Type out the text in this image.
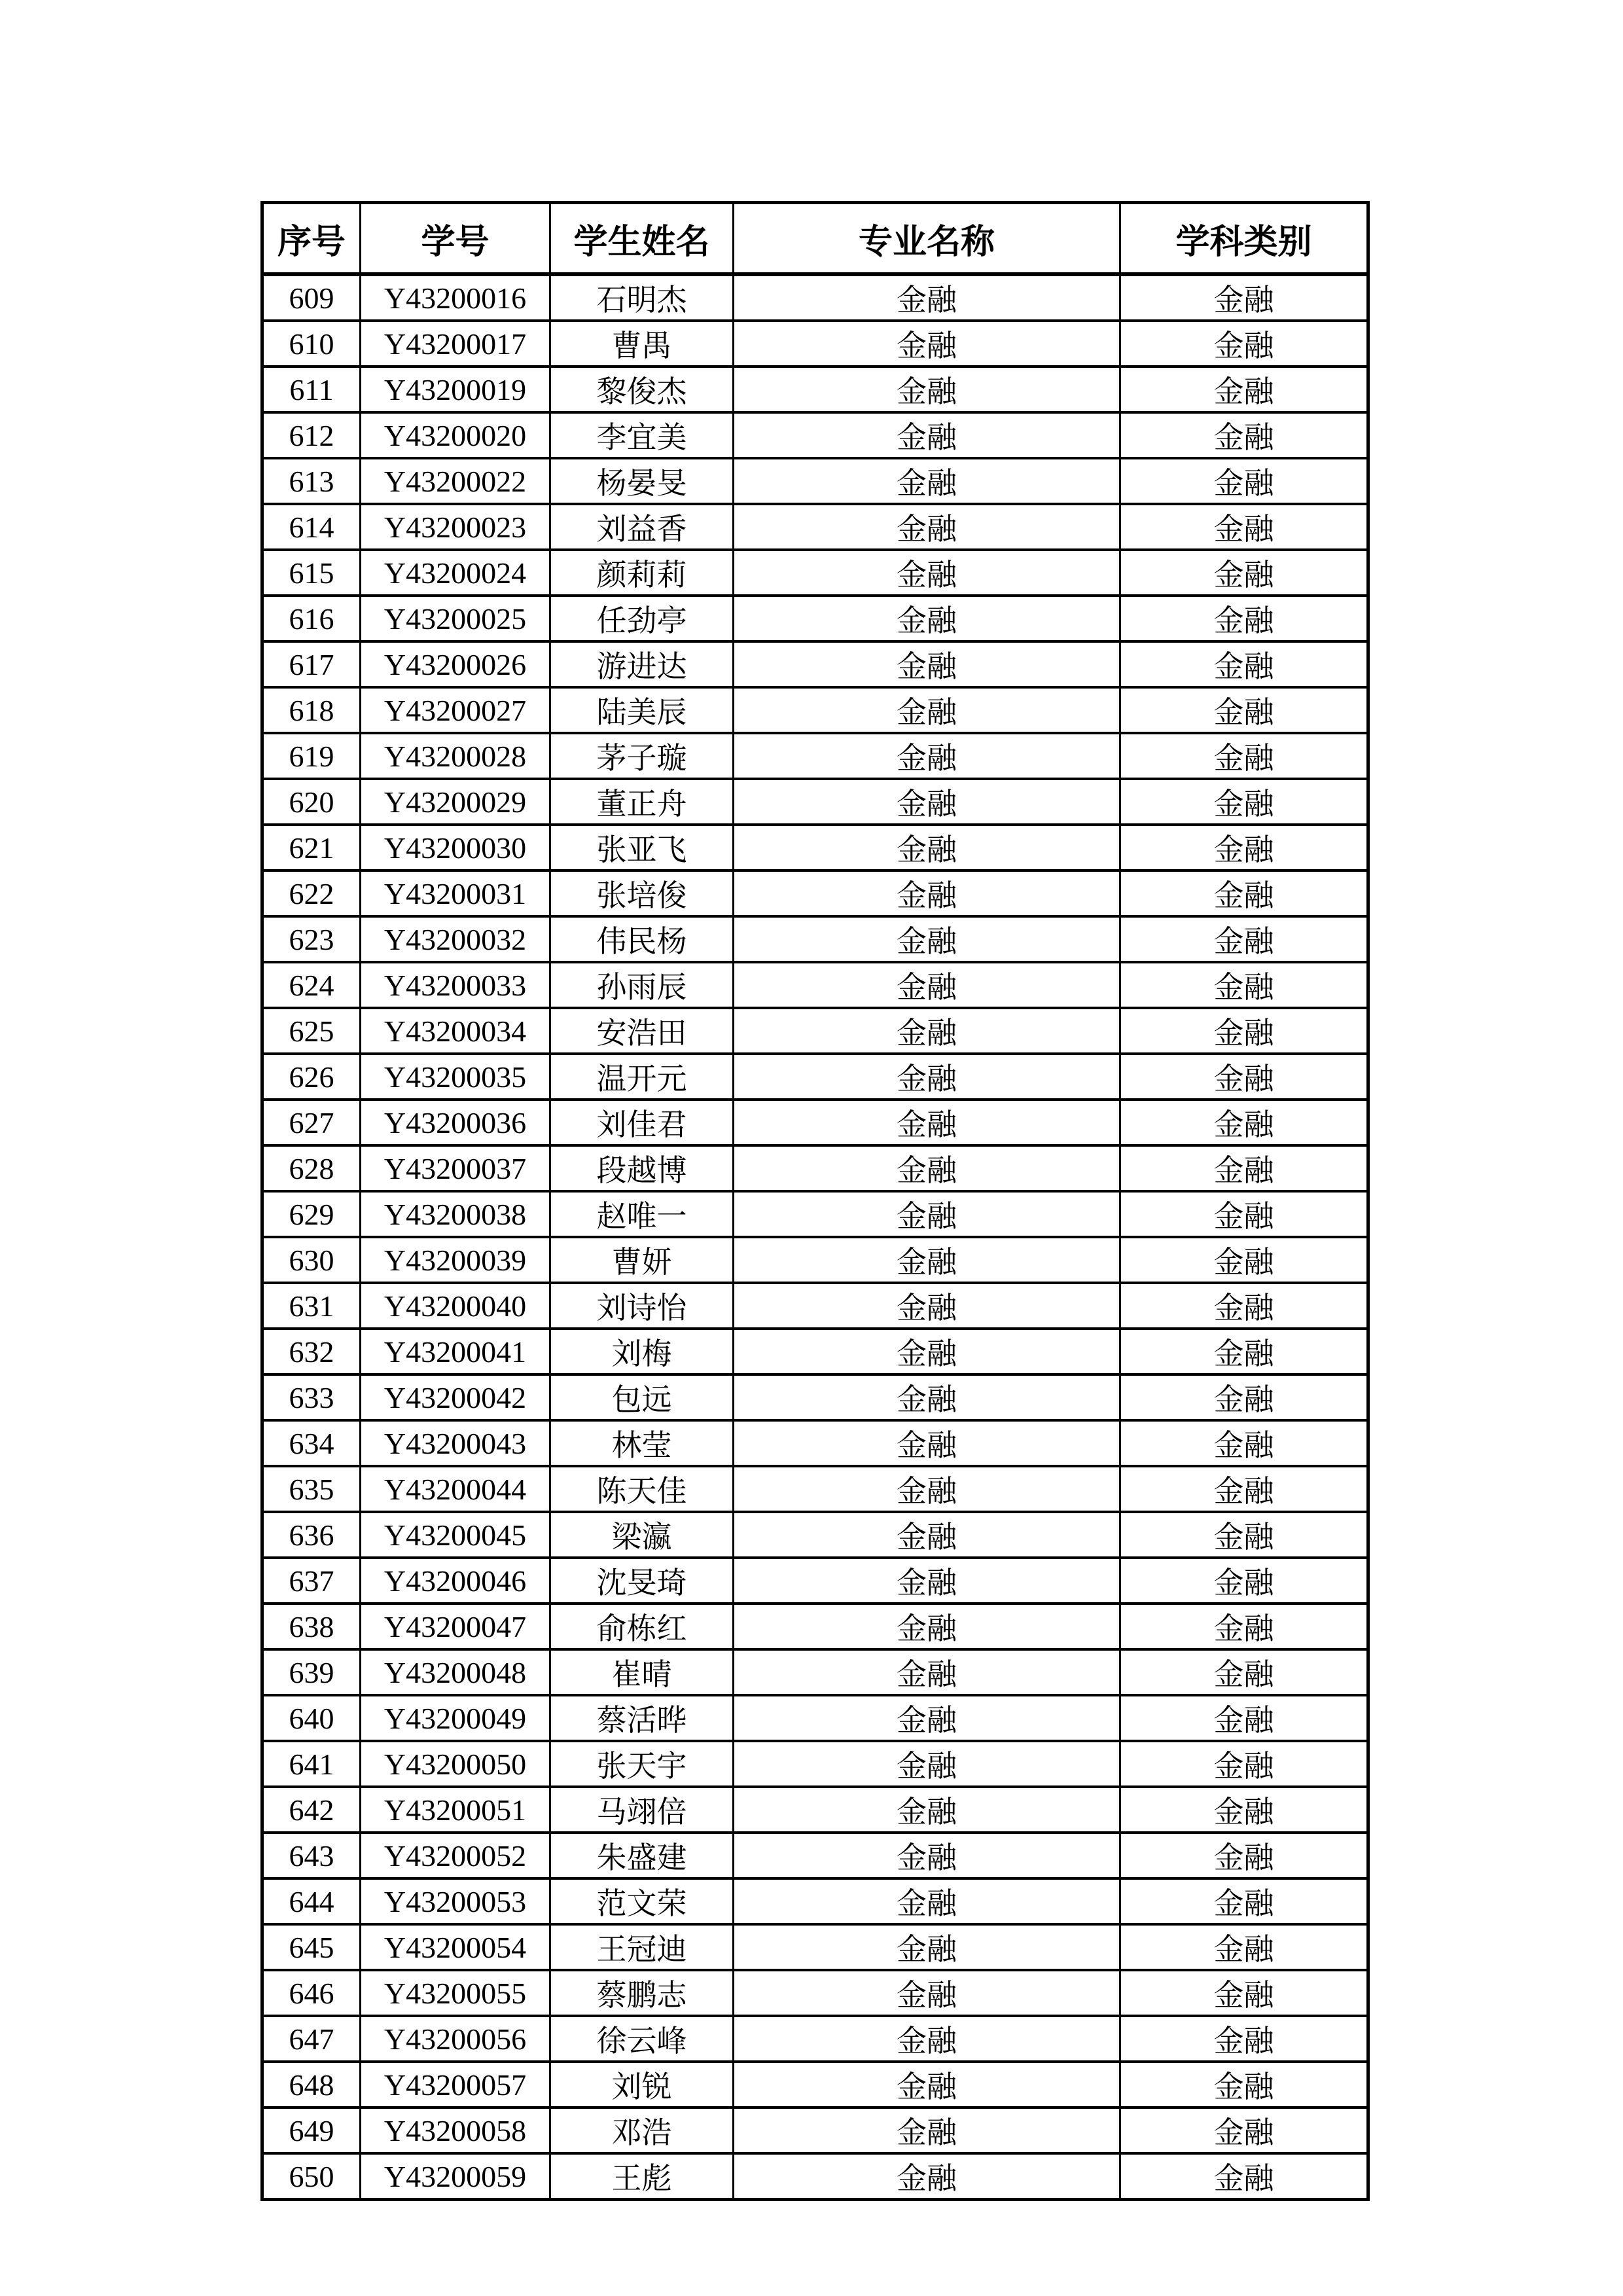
序号	学号	学生姓名	专业名称	学科类别
609	Y43200016	石明杰	金融	金融
610	Y43200017	曹禺	金融	金融
611	Y43200019	黎俊杰	金融	金融
612	Y43200020	李宜美	金融	金融
613	Y43200022	杨晏旻	金融	金融
614	Y43200023	刘益香	金融	金融
615	Y43200024	颜莉莉	金融	金融
616	Y43200025	任劲亭	金融	金融
617	Y43200026	游进达	金融	金融
618	Y43200027	陆美辰	金融	金融
619	Y43200028	茅子璇	金融	金融
620	Y43200029	董正舟	金融	金融
621	Y43200030	张亚飞	金融	金融
622	Y43200031	张培俊	金融	金融
623	Y43200032	伟民杨	金融	金融
624	Y43200033	孙雨辰	金融	金融
625	Y43200034	安浩田	金融	金融
626	Y43200035	温开元	金融	金融
627	Y43200036	刘佳君	金融	金融
628	Y43200037	段越博	金融	金融
629	Y43200038	赵唯一	金融	金融
630	Y43200039	曹妍	金融	金融
631	Y43200040	刘诗怡	金融	金融
632	Y43200041	刘梅	金融	金融
633	Y43200042	包远	金融	金融
634	Y43200043	林莹	金融	金融
635	Y43200044	陈天佳	金融	金融
636	Y43200045	梁瀛	金融	金融
637	Y43200046	沈旻琦	金融	金融
638	Y43200047	俞栋红	金融	金融
639	Y43200048	崔晴	金融	金融
640	Y43200049	蔡活晔	金融	金融
641	Y43200050	张天宇	金融	金融
642	Y43200051	马翊倍	金融	金融
643	Y43200052	朱盛建	金融	金融
644	Y43200053	范文荣	金融	金融
645	Y43200054	王冠迪	金融	金融
646	Y43200055	蔡鹏志	金融	金融
647	Y43200056	徐云峰	金融	金融
648	Y43200057	刘锐	金融	金融
649	Y43200058	邓浩	金融	金融
650	Y43200059	王彪	金融	金融
